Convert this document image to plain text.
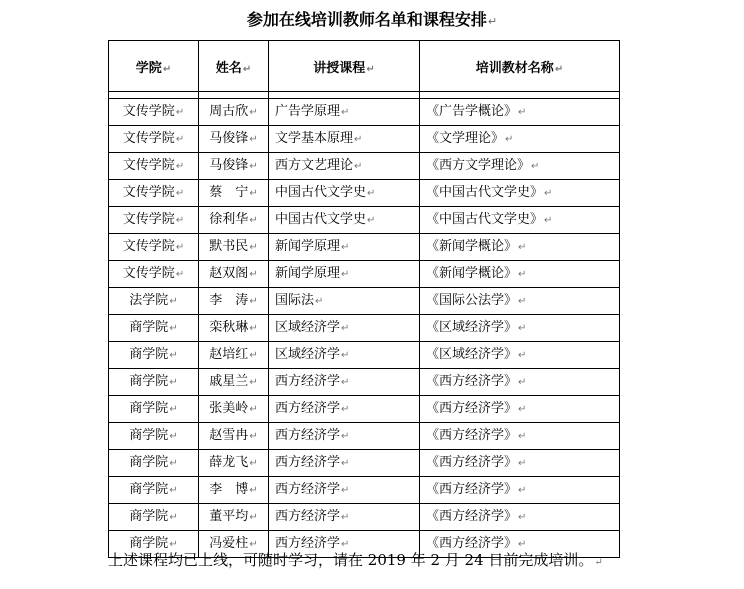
参加在线培训教师名单和课程安排↵
学院↵	姓名↵	讲授课程↵	培训教材名称↵

文传学院↵	周古欣↵	广告学原理↵	《广告学概论》↵
文传学院↵	马俊锋↵	文学基本原理↵	《文学理论》↵
文传学院↵	马俊锋↵	西方文艺理论↵	《西方文学理论》↵
文传学院↵	蔡　宁↵	中国古代文学史↵	《中国古代文学史》↵
文传学院↵	徐利华↵	中国古代文学史↵	《中国古代文学史》↵
文传学院↵	默书民↵	新闻学原理↵	《新闻学概论》↵
文传学院↵	赵双阁↵	新闻学原理↵	《新闻学概论》↵
法学院↵	李　涛↵	国际法↵	《国际公法学》↵
商学院↵	栾秋琳↵	区域经济学↵	《区域经济学》↵
商学院↵	赵培红↵	区域经济学↵	《区域经济学》↵
商学院↵	戚星兰↵	西方经济学↵	《西方经济学》↵
商学院↵	张美岭↵	西方经济学↵	《西方经济学》↵
商学院↵	赵雪冉↵	西方经济学↵	《西方经济学》↵
商学院↵	薛龙飞↵	西方经济学↵	《西方经济学》↵
商学院↵	李　博↵	西方经济学↵	《西方经济学》↵
商学院↵	董平均↵	西方经济学↵	《西方经济学》↵
商学院↵	冯爱柱↵	西方经济学↵	《西方经济学》↵
上述课程均已上线，可随时学习，请在 2019 年 2 月 24 日前完成培训。↵
